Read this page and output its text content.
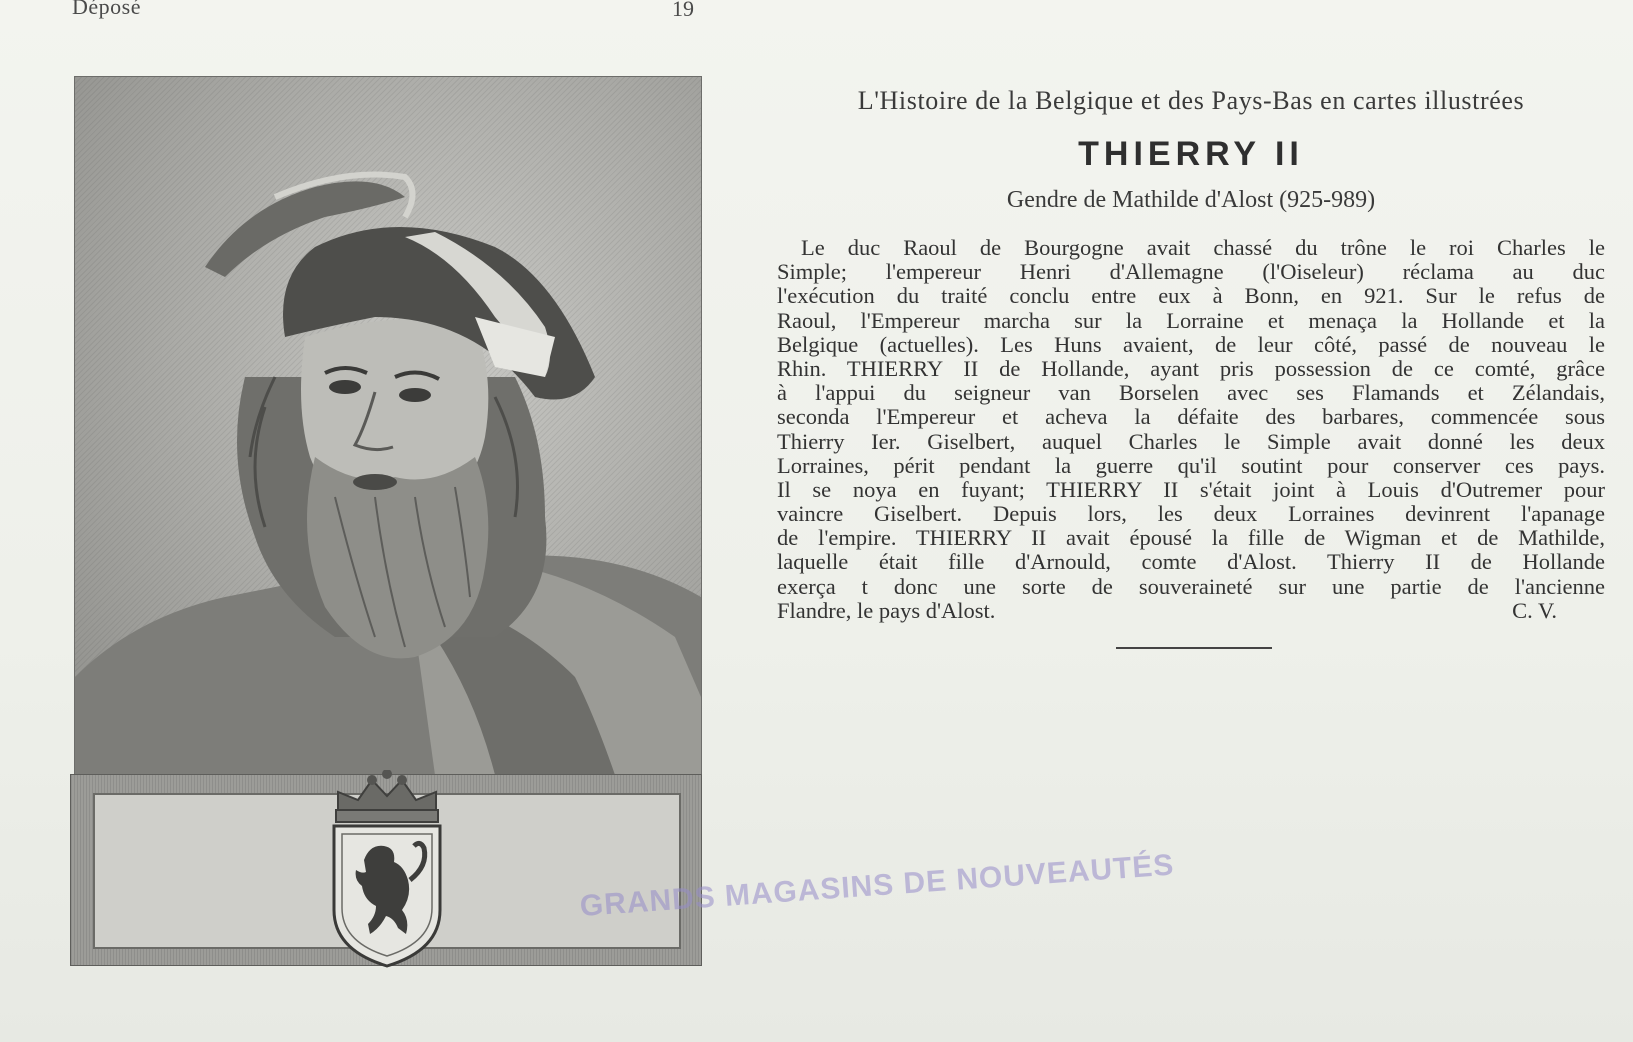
Déposé	19
L'Histoire de la Belgique et des Pays-Bas en cartes illustrées
THIERRY II
Gendre de Mathilde d'Alost (925-989)
Le duc Raoul de Bourgogne avait chassé du trône le roi Charles le
Simple; l'empereur Henri d'Allemagne (l'Oiseleur) réclama au duc
l'exécution du traité conclu entre eux à Bonn, en 921. Sur le refus de
Raoul, l'Empereur marcha sur la Lorraine et menaça la Hollande et la
Belgique (actuelles). Les Huns avaient, de leur côté, passé de nouveau le
Rhin. THIERRY II de Hollande, ayant pris possession de ce comté, grâce
à l'appui du seigneur van Borselen avec ses Flamands et Zélandais,
seconda l'Empereur et acheva la défaite des barbares, commencée sous
Thierry Ier. Giselbert, auquel Charles le Simple avait donné les deux
Lorraines, périt pendant la guerre qu'il soutint pour conserver ces pays.
Il se noya en fuyant; THIERRY II s'était joint à Louis d'Outremer pour
vaincre Giselbert. Depuis lors, les deux Lorraines devinrent l'apanage
de l'empire. THIERRY II avait épousé la fille de Wigman et de Mathilde,
laquelle était fille d'Arnould, comte d'Alost. Thierry II de Hollande
exerça t donc une sorte de souveraineté sur une partie de l'ancienne
Flandre, le pays d'Alost.	C. V.
GRANDS MAGASINS DE NOUVEAUTÉS
